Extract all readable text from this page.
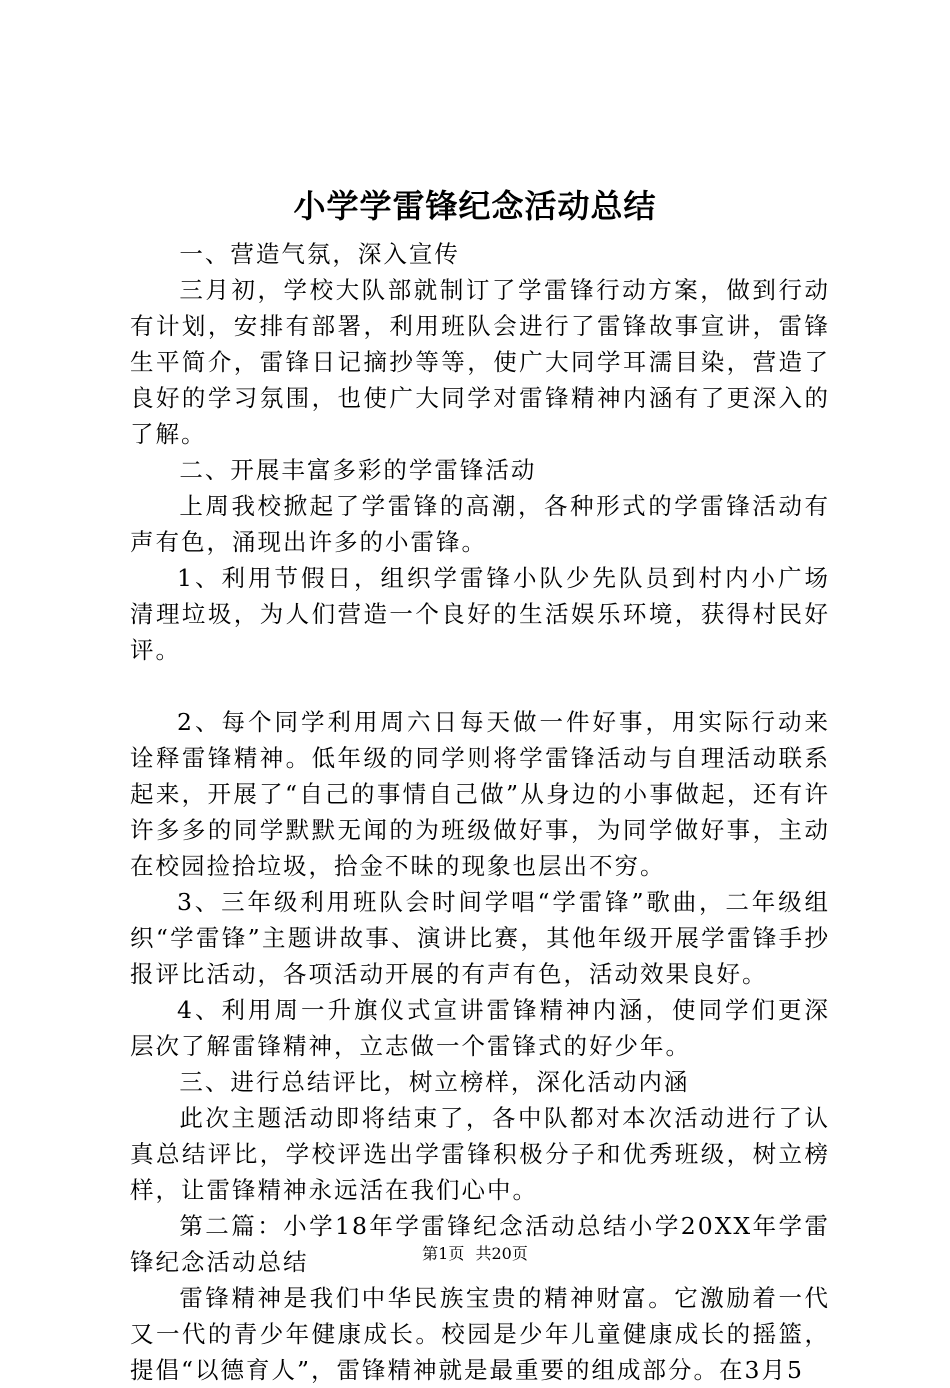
小学学雷锋纪念活动总结

一、营造气氛，深入宣传

三月初，学校大队部就制订了学雷锋行动方案，做到行动有计划，安排有部署，利用班队会进行了雷锋故事宣讲，雷锋生平简介，雷锋日记摘抄等等，使广大同学耳濡目染，营造了良好的学习氛围，也使广大同学对雷锋精神内涵有了更深入的了解。

二、开展丰富多彩的学雷锋活动

上周我校掀起了学雷锋的高潮，各种形式的学雷锋活动有声有色，涌现出许多的小雷锋。

1、利用节假日，组织学雷锋小队少先队员到村内小广场清理垃圾，为人们营造一个良好的生活娱乐环境，获得村民好评。

2、每个同学利用周六日每天做一件好事，用实际行动来诠释雷锋精神。低年级的同学则将学雷锋活动与自理活动联系起来，开展了“自己的事情自己做”从身边的小事做起，还有许许多多的同学默默无闻的为班级做好事，为同学做好事，主动在校园捡拾垃圾，拾金不昧的现象也层出不穷。

3、三年级利用班队会时间学唱“学雷锋”歌曲，二年级组织“学雷锋”主题讲故事、演讲比赛，其他年级开展学雷锋手抄报评比活动，各项活动开展的有声有色，活动效果良好。

4、利用周一升旗仪式宣讲雷锋精神内涵，使同学们更深层次了解雷锋精神，立志做一个雷锋式的好少年。

三、进行总结评比，树立榜样，深化活动内涵

此次主题活动即将结束了，各中队都对本次活动进行了认真总结评比，学校评选出学雷锋积极分子和优秀班级，树立榜样，让雷锋精神永远活在我们心中。

第二篇：小学18年学雷锋纪念活动总结小学20XX年学雷锋纪念活动总结

雷锋精神是我们中华民族宝贵的精神财富。它激励着一代又一代的青少年健康成长。校园是少年儿童健康成长的摇篮，提倡“以德育人”，雷锋精神就是最重要的组成部分。在3月5

第1页 共20页
